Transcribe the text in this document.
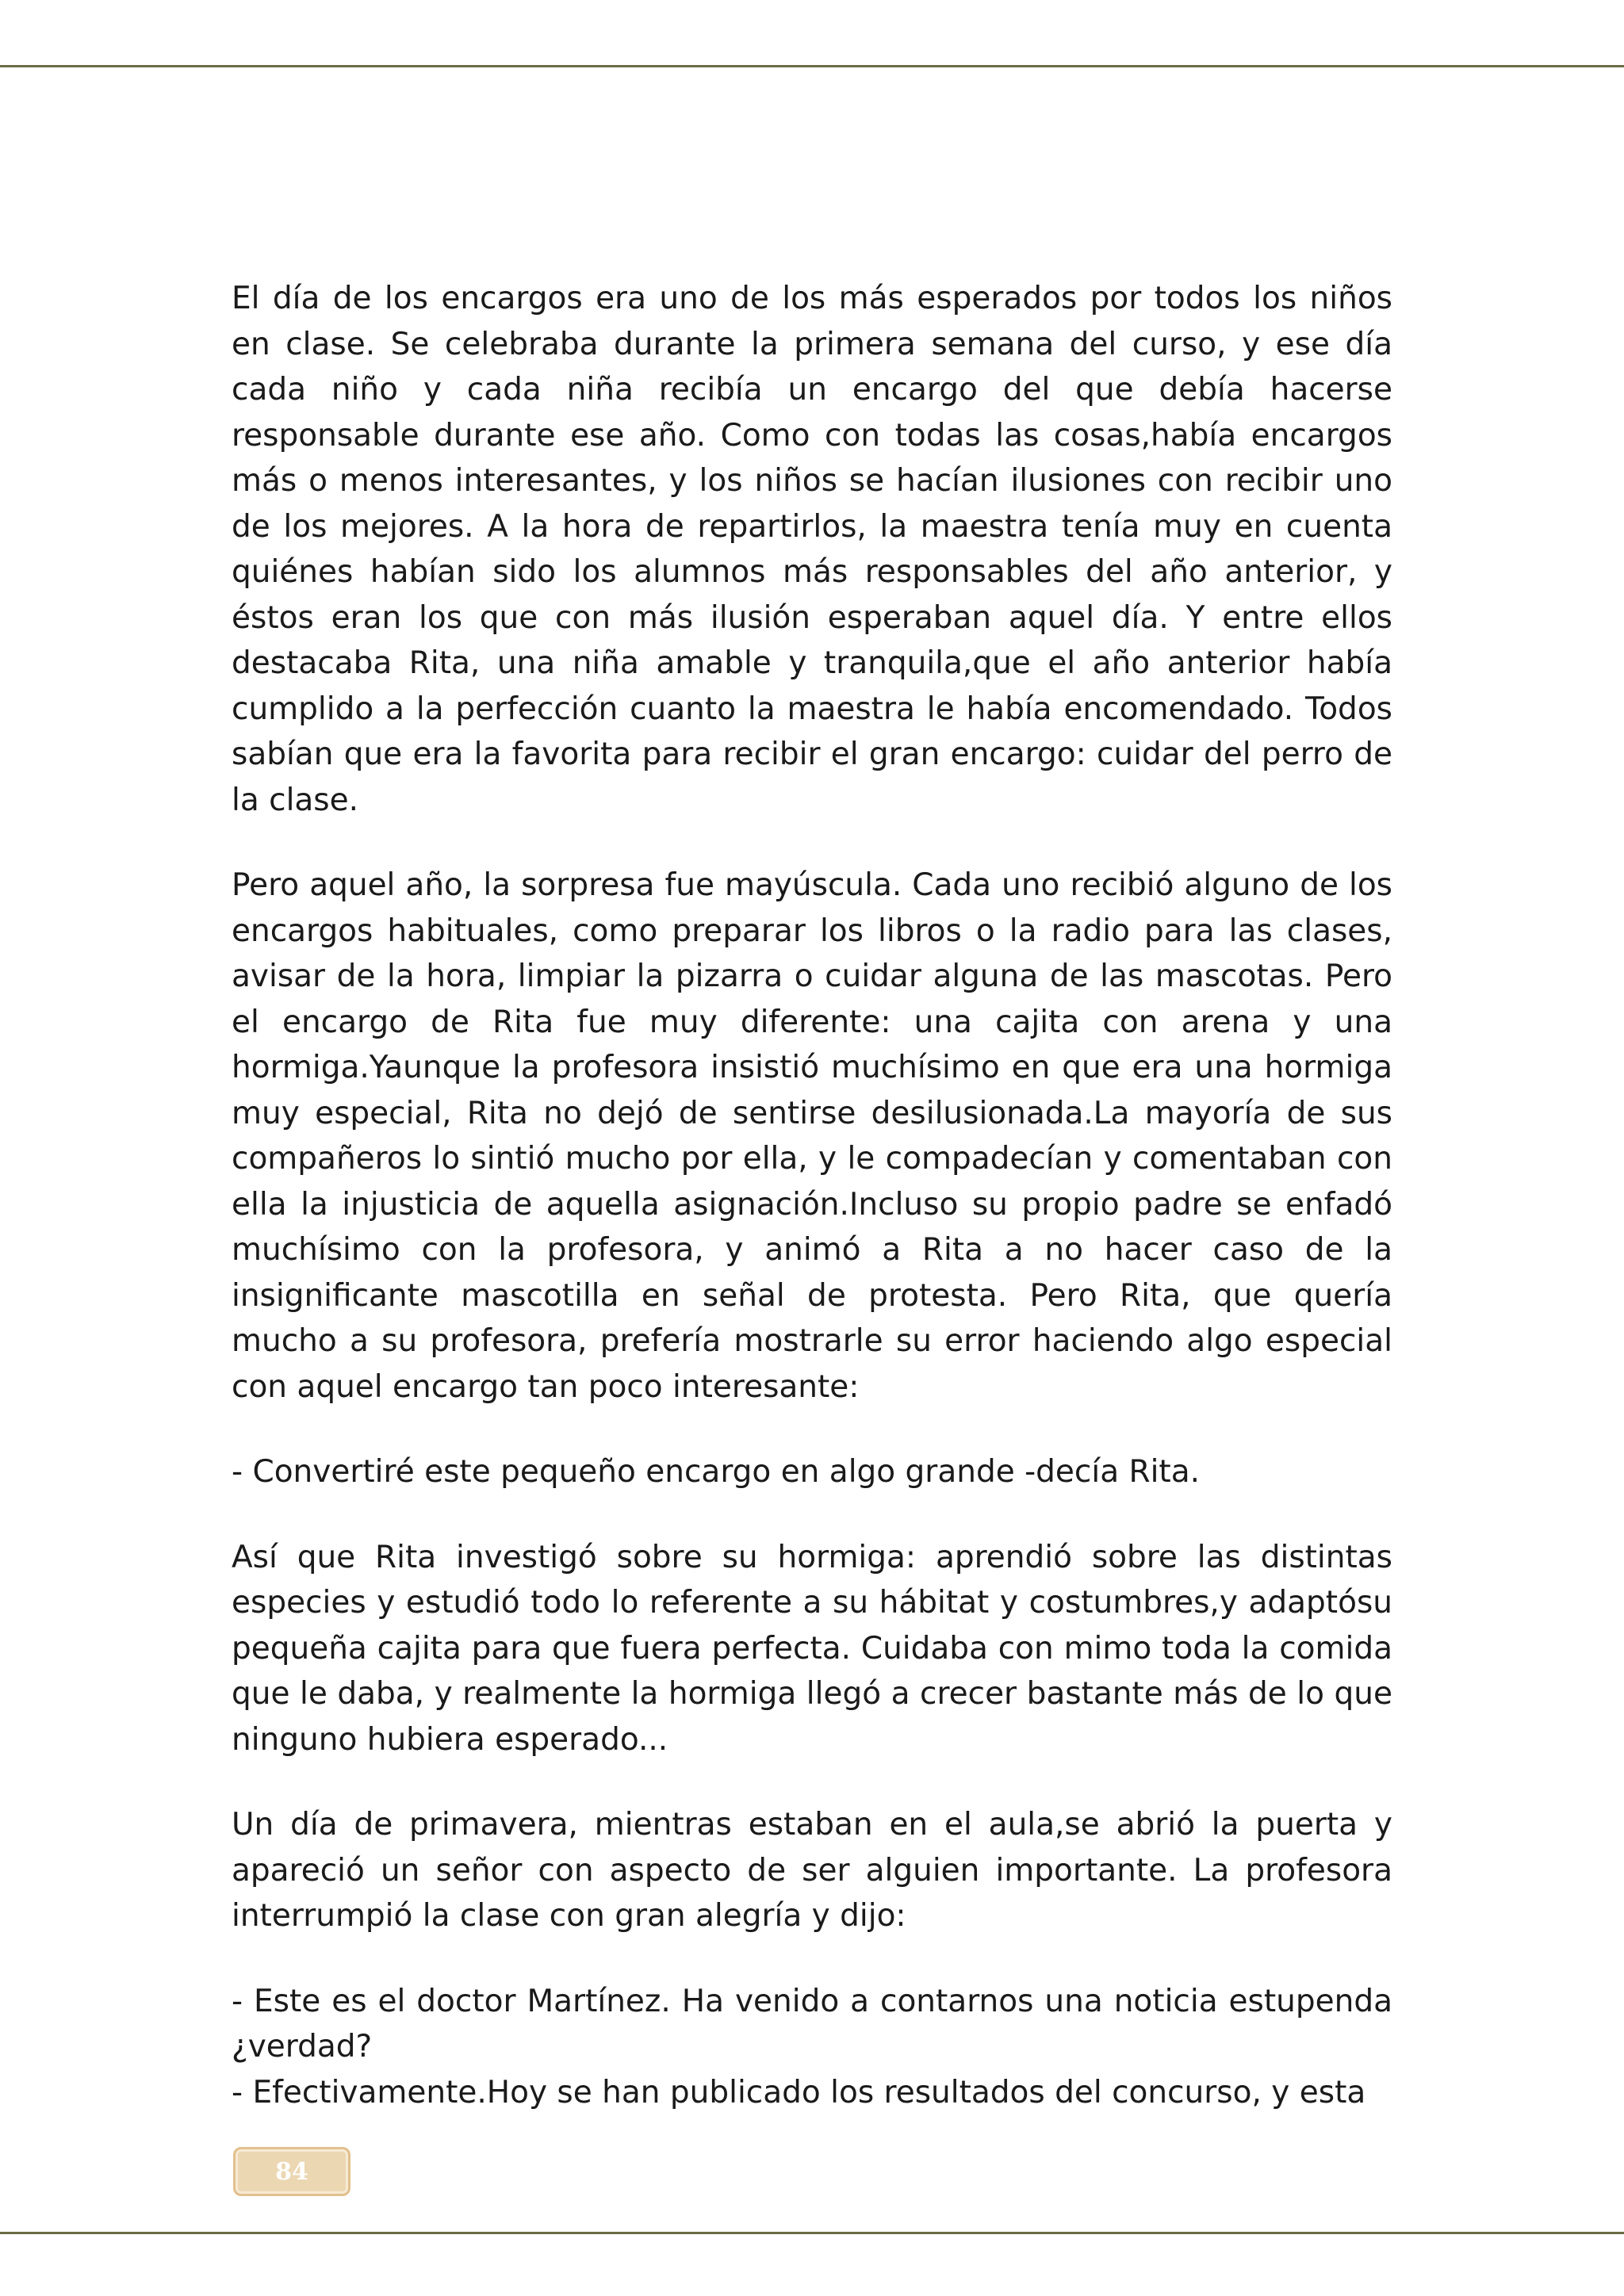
El día de los encargos era uno de los más esperados por todos los niños en clase. Se celebraba durante la primera semana del curso, y ese día cada niño y cada niña recibía un encargo del que debía hacerse responsable durante ese año. Como con todas las cosas,había encargos más o menos interesantes, y los niños se hacían ilusiones con recibir uno de los mejores. A la hora de repartirlos, la maestra tenía muy en cuenta quiénes habían sido los alumnos más responsables del año anterior, y éstos eran los que con más ilusión esperaban aquel día. Y entre ellos destacaba Rita, una niña amable y tranquila,que el año anterior había cumplido a la perfección cuanto la maestra le había encomendado. Todos sabían que era la favorita para recibir el gran encargo: cuidar del perro de la clase.

Pero aquel año, la sorpresa fue mayúscula. Cada uno recibió alguno de los encargos habituales, como preparar los libros o la radio para las clases, avisar de la hora, limpiar la pizarra o cuidar alguna de las mascotas. Pero el encargo de Rita fue muy diferente: una cajita con arena y una hormiga.Yaunque la profesora insistió muchísimo en que era una hormiga muy especial, Rita no dejó de sentirse desilusionada.La mayoría de sus compañeros lo sintió mucho por ella, y le compadecían y comentaban con ella la injusticia de aquella asignación.Incluso su propio padre se enfadó muchísimo con la profesora, y animó a Rita a no hacer caso de la insignificante mascotilla en señal de protesta. Pero Rita, que quería mucho a su profesora, prefería mostrarle su error haciendo algo especial con aquel encargo tan poco interesante:

- Convertiré este pequeño encargo en algo grande -decía Rita.

Así que Rita investigó sobre su hormiga: aprendió sobre las distintas especies y estudió todo lo referente a su hábitat y costumbres,y adaptósu pequeña cajita para que fuera perfecta. Cuidaba con mimo toda la comida que le daba, y realmente la hormiga llegó a crecer bastante más de lo que ninguno hubiera esperado...

Un día de primavera, mientras estaban en el aula,se abrió la puerta y apareció un señor con aspecto de ser alguien importante. La profesora interrumpió la clase con gran alegría y dijo:

- Este es el doctor Martínez. Ha venido a contarnos una noticia estupenda ¿verdad?

- Efectivamente.Hoy se han publicado los resultados del concurso, y esta

84
